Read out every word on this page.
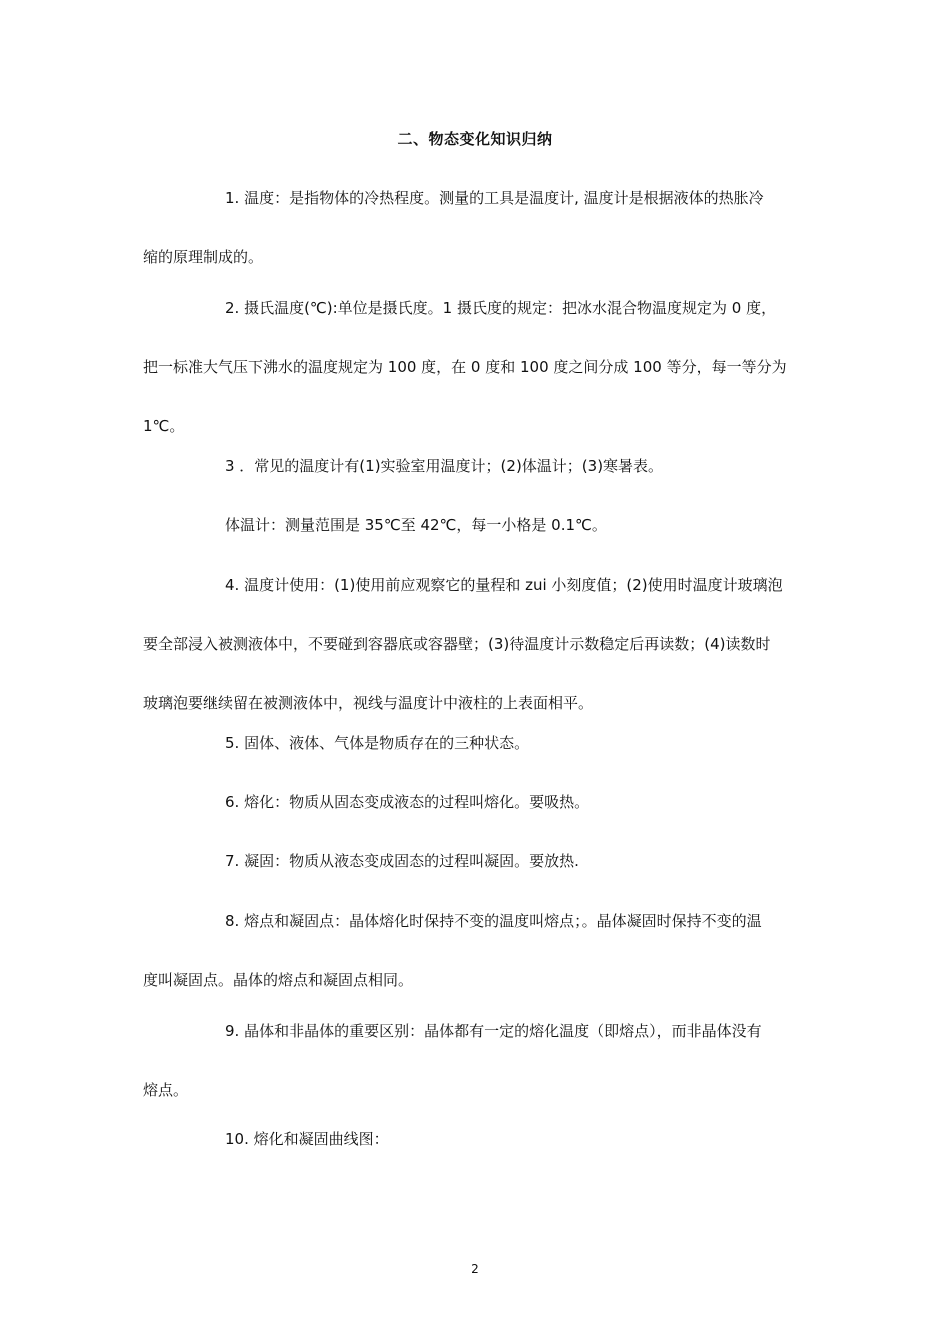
二、物态变化知识归纳
1. 温度：是指物体的冷热程度。测量的工具是温度计, 温度计是根据液体的热胀冷
缩的原理制成的。
2. 摄氏温度(℃):单位是摄氏度。1 摄氏度的规定：把冰水混合物温度规定为 0 度，
把一标准大气压下沸水的温度规定为 100 度，在 0 度和 100 度之间分成 100 等分，每一等分为
1℃。
3 ．常见的温度计有(1)实验室用温度计；(2)体温计；(3)寒暑表。
体温计：测量范围是 35℃至 42℃，每一小格是 0.1℃。
4. 温度计使用：(1)使用前应观察它的量程和 zui 小刻度值；(2)使用时温度计玻璃泡
要全部浸入被测液体中，不要碰到容器底或容器壁；(3)待温度计示数稳定后再读数；(4)读数时
玻璃泡要继续留在被测液体中，视线与温度计中液柱的上表面相平。
5. 固体、液体、气体是物质存在的三种状态。
6. 熔化：物质从固态变成液态的过程叫熔化。要吸热。
7. 凝固：物质从液态变成固态的过程叫凝固。要放热.
8. 熔点和凝固点：晶体熔化时保持不变的温度叫熔点；。晶体凝固时保持不变的温
度叫凝固点。晶体的熔点和凝固点相同。
9. 晶体和非晶体的重要区别：晶体都有一定的熔化温度（即熔点），而非晶体没有
熔点。
10. 熔化和凝固曲线图：
2
